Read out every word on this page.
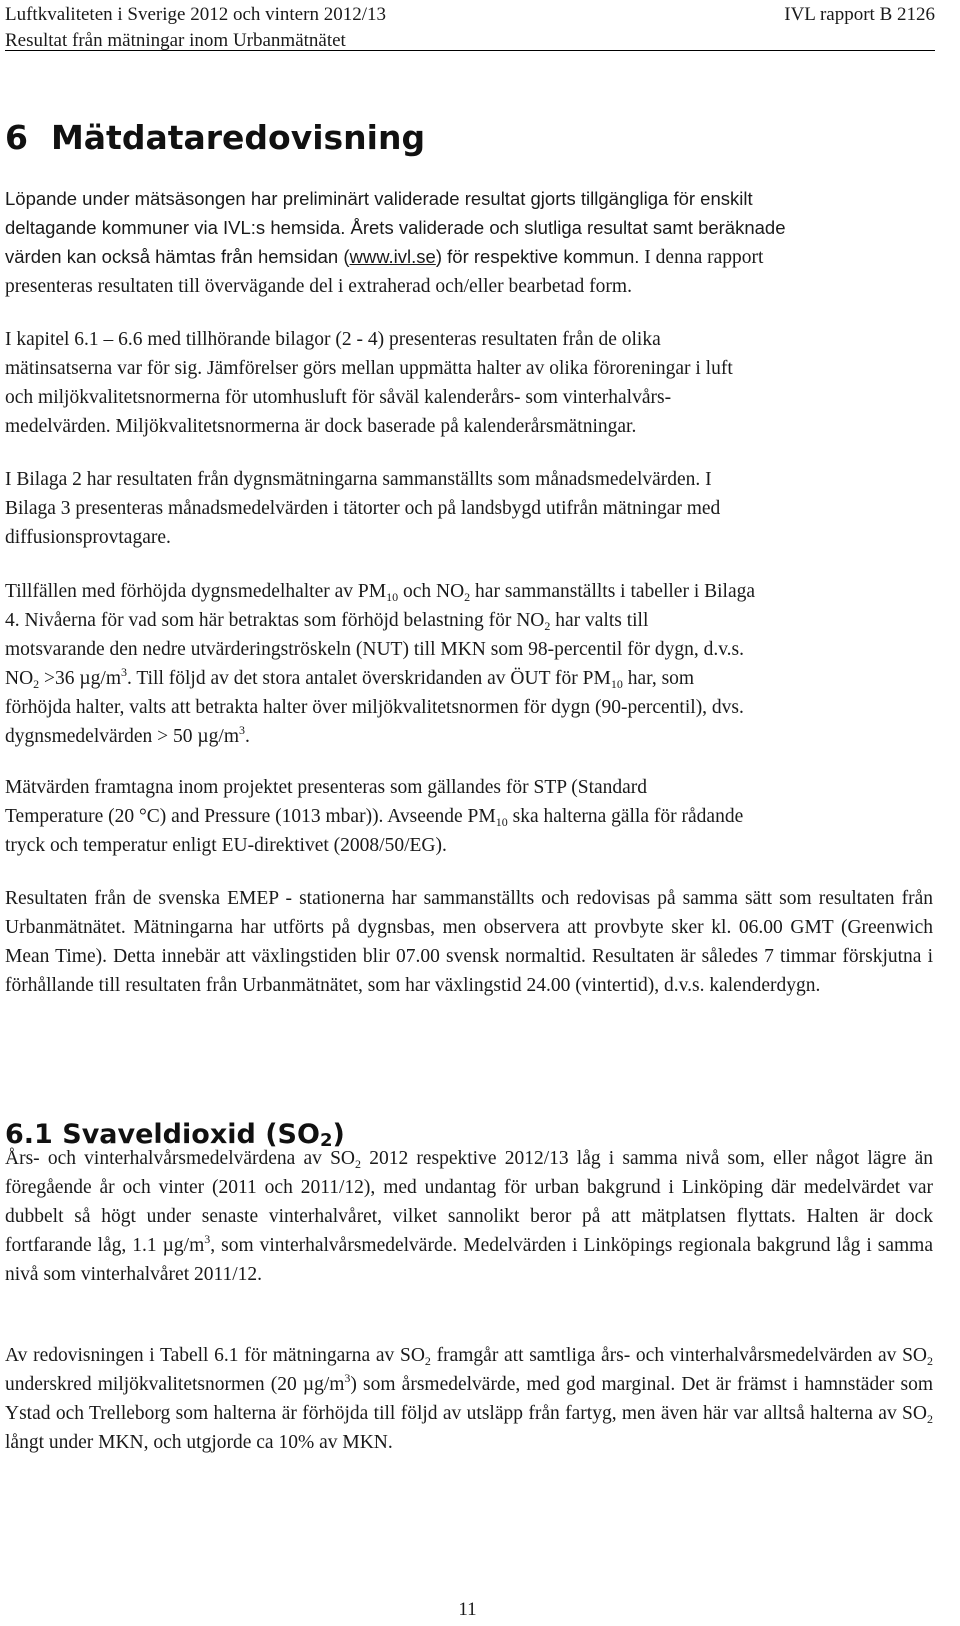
Luftkvaliteten i Sverige 2012 och vintern 2012/13
Resultat från mätningar inom Urbanmätnätet
IVL rapport B 2126
6 Mätdataredovisning
Löpande under mätsäsongen har preliminärt validerade resultat gjorts tillgängliga för enskilt
deltagande kommuner via IVL:s hemsida. Årets validerade och slutliga resultat samt beräknade
värden kan också hämtas från hemsidan (www.ivl.se) för respektive kommun. I denna rapport
presenteras resultaten till övervägande del i extraherad och/eller bearbetad form.
I kapitel 6.1 – 6.6 med tillhörande bilagor (2 - 4) presenteras resultaten från de olika
mätinsatserna var för sig. Jämförelser görs mellan uppmätta halter av olika föroreningar i luft
och miljökvalitetsnormerna för utomhusluft för såväl kalenderårs- som vinterhalvårs-
medelvärden. Miljökvalitetsnormerna är dock baserade på kalenderårsmätningar.
I Bilaga 2 har resultaten från dygnsmätningarna sammanställts som månadsmedelvärden. I
Bilaga 3 presenteras månadsmedelvärden i tätorter och på landsbygd utifrån mätningar med
diffusionsprovtagare.
Tillfällen med förhöjda dygnsmedelhalter av $PM_{10}$ och $NO_2$ har sammanställts i tabeller i Bilaga
4. Nivåerna för vad som här betraktas som förhöjd belastning för $NO_2$ har valts till
motsvarande den nedre utvärderingströskeln (NUT) till MKN som 98-percentil för dygn, d.v.s.
$NO_2 >36$ $\mu g/m^3$. Till följd av det stora antalet överskridanden av ÖUT för $PM_{10}$ har, som
förhöjda halter, valts att betrakta halter över miljökvalitetsnormen för dygn (90-percentil), dvs.
dygnsmedelvärden > 50 $\mu g/m^3$.
Mätvärden framtagna inom projektet presenteras som gällandes för STP (Standard
Temperature (20 °C) and Pressure (1013 mbar)). Avseende $PM_{10}$ ska halterna gälla för rådande
tryck och temperatur enligt EU-direktivet (2008/50/EG).
Resultaten från de svenska EMEP - stationerna har sammanställts och redovisas på samma sätt som resultaten från Urbanmätnätet. Mätningarna har utförts på dygnsbas, men observera att provbyte sker kl. 06.00 GMT (Greenwich Mean Time). Detta innebär att växlingstiden blir 07.00 svensk normaltid. Resultaten är således 7 timmar förskjutna i förhållande till resultaten från Urbanmätnätet, som har växlingstid 24.00 (vintertid), d.v.s. kalenderdygn.
6.1 Svaveldioxid $(SO_2)$
Års- och vinterhalvårsmedelvärdena av $SO_2$ 2012 respektive 2012/13 låg i samma nivå som, eller något lägre än föregående år och vinter (2011 och 2011/12), med undantag för urban bakgrund i Linköping där medelvärdet var dubbelt så högt under senaste vinterhalvåret, vilket sannolikt beror på att mätplatsen flyttats. Halten är dock fortfarande låg, 1.1 $\mu g/m^3$, som vinterhalvårsmedelvärde. Medelvärden i Linköpings regionala bakgrund låg i samma nivå som vinterhalvåret 2011/12.
Av redovisningen i Tabell 6.1 för mätningarna av $SO_2$ framgår att samtliga års- och vinterhalvårsmedelvärden av $SO_2$ underskred miljökvalitetsnormen (20 $\mu g/m^3$) som årsmedelvärde, med god marginal. Det är främst i hamnstäder som Ystad och Trelleborg som halterna är förhöjda till följd av utsläpp från fartyg, men även här var alltså halterna av $SO_2$ långt under MKN, och utgjorde ca 10% av MKN.
11
